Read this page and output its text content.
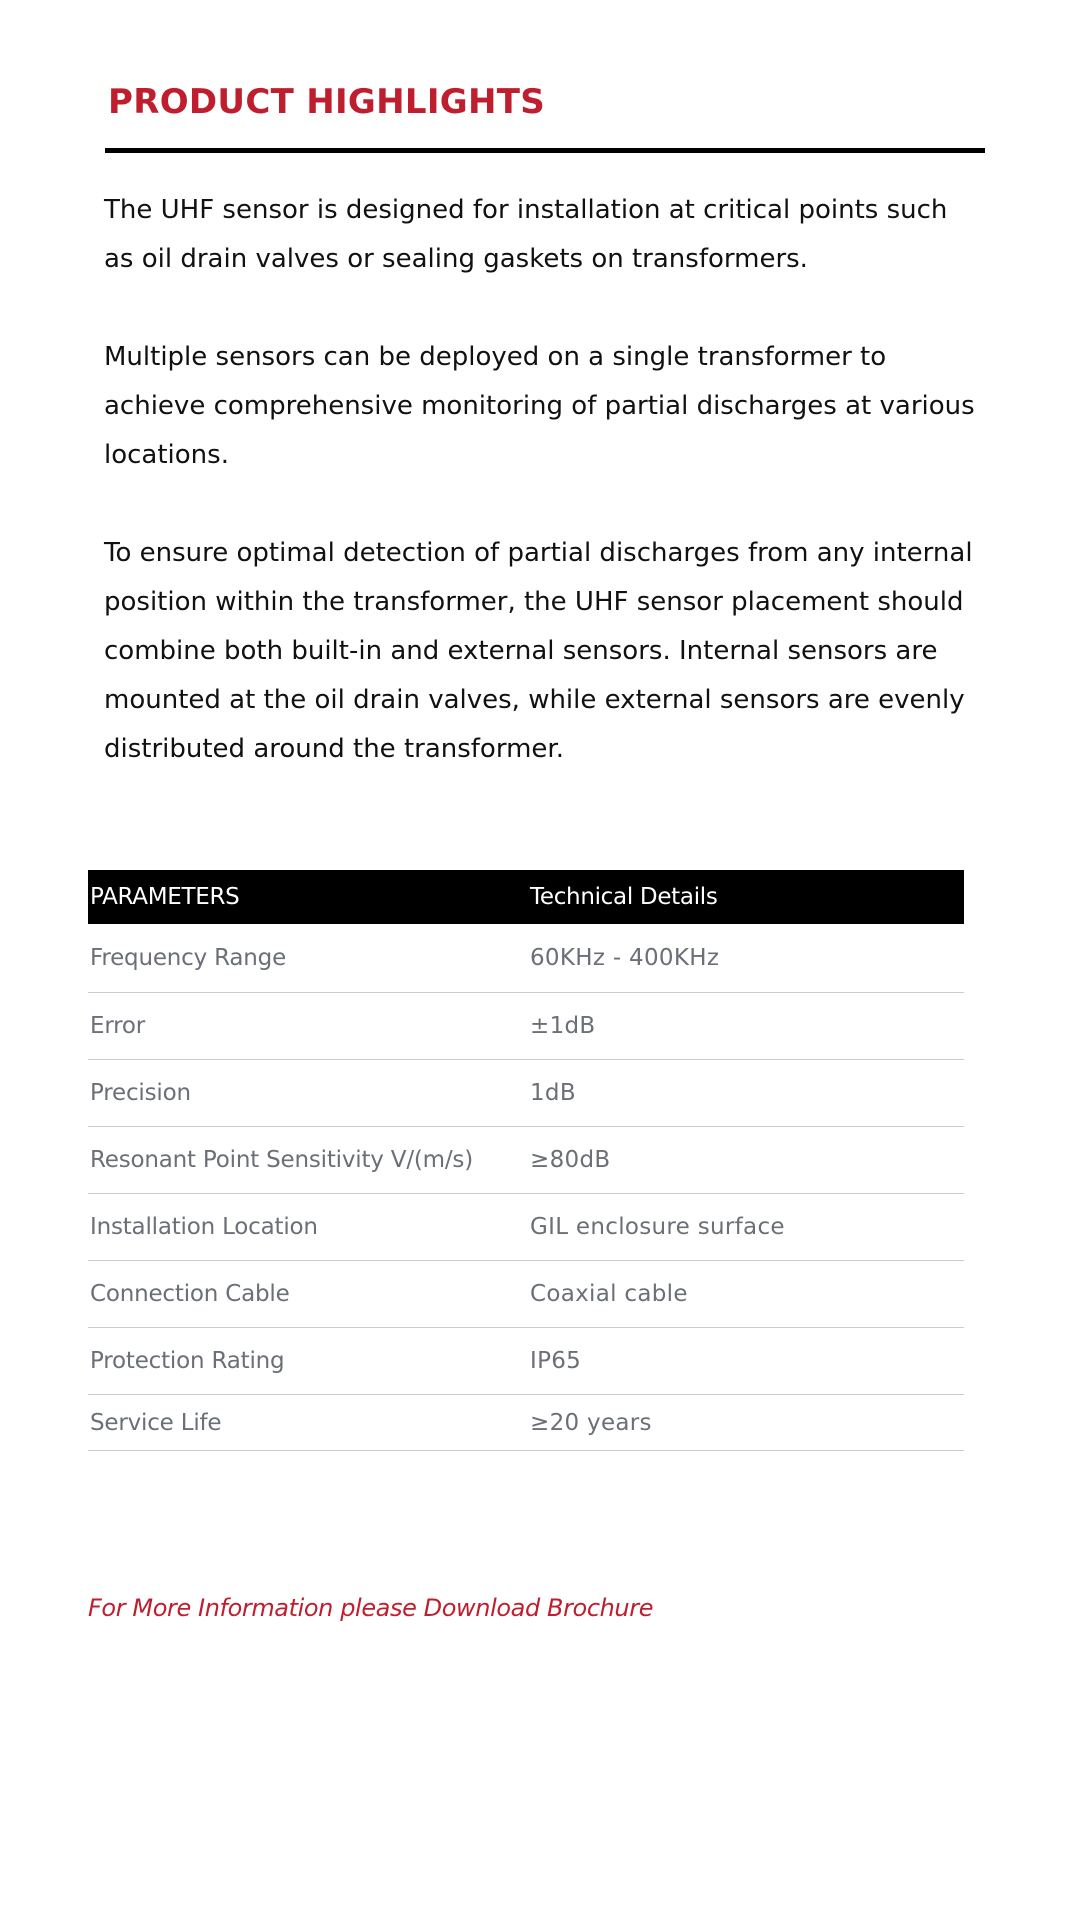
PRODUCT HIGHLIGHTS

The UHF sensor is designed for installation at critical points such as oil drain valves or sealing gaskets on transformers.

Multiple sensors can be deployed on a single transformer to achieve comprehensive monitoring of partial discharges at various locations.

To ensure optimal detection of partial discharges from any internal position within the transformer, the UHF sensor placement should combine both built-in and external sensors. Internal sensors are mounted at the oil drain valves, while external sensors are evenly distributed around the transformer.

PARAMETERS	Technical Details
Frequency Range	60KHz - 400KHz
Error	±1dB
Precision	1dB
Resonant Point Sensitivity V/(m/s)	≥80dB
Installation Location	GIL enclosure surface
Connection Cable	Coaxial cable
Protection Rating	IP65
Service Life	≥20 years
For More Information please Download Brochure
